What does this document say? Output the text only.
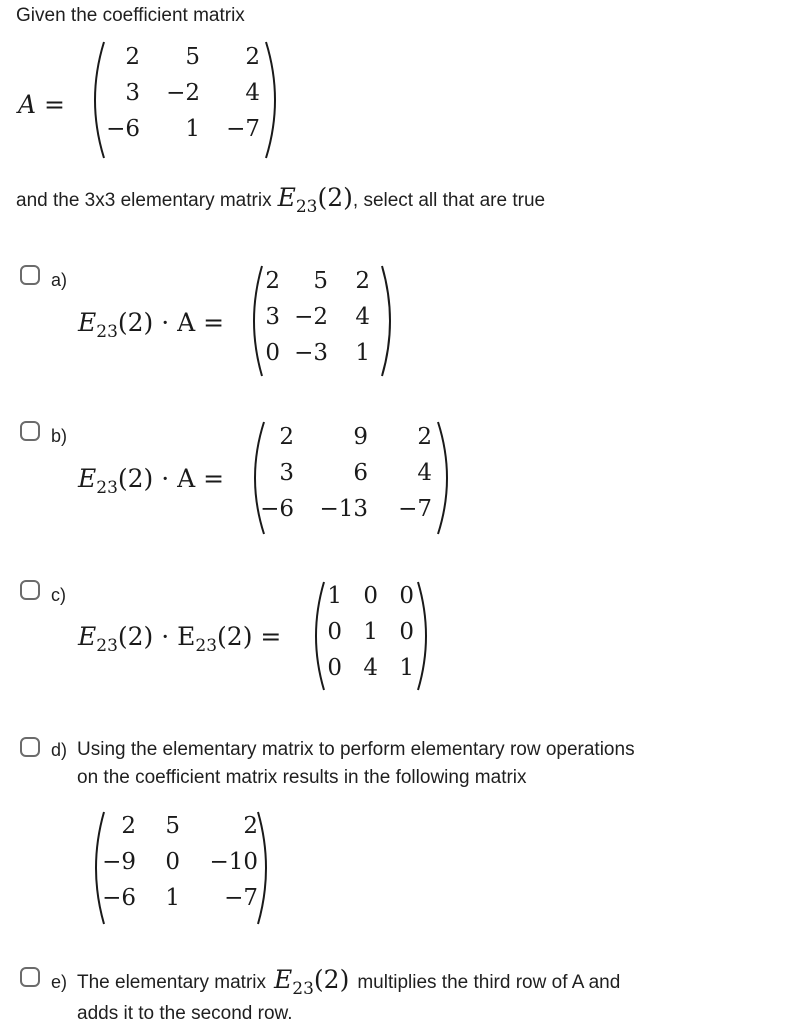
Given the coefficient matrix
A =
2	5	2
3	−2	4
−6	1	−7
and the 3x3 elementary matrix $E_{23}(2)$ , select all that are true
a)
$E_{23}(2) \cdot A$ =
2	5	2
3 −2	4
0 −3	1
b)
$E_{23}(2) \cdot A$ =
2	9	2
3	6	4
−6	−13	−7
c)
$E_{23}(2) \cdot E_{23}(2)$ =
1 0 0
0 1 0
0 4 1
d) Using the elementary matrix to perform elementary row operations
on the coefficient matrix results in the following matrix
2	5	2
−9	0	−10
−6	1	−7
e) The elementary matrix $E_{23}(2)$ multiplies the third row of A and
adds it to the second row.
